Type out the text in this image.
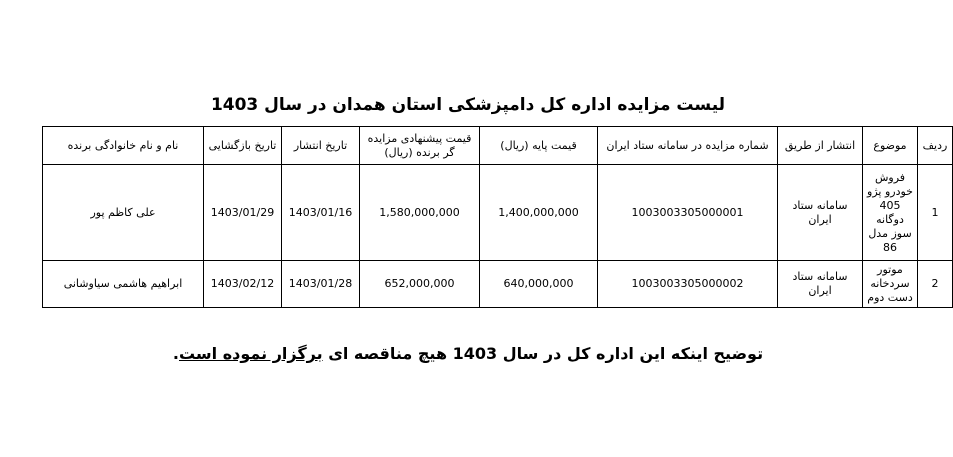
لیست مزایده اداره کل دامپزشکی استان همدان در سال 1403
ردیف	موضوع	انتشار از طریق	شماره مزایده در سامانه ستاد ایران	قیمت پایه (ریال)	قیمت پیشنهادی مزایده گر برنده (ریال)	تاریخ انتشار	تاریخ بازگشایی	نام و نام خانوادگی برنده
1	فروش خودرو پژو 405 دوگانه سوز مدل 86	سامانه ستاد ایران	1003003305000001	1,400,000,000	1,580,000,000	1403/01/16	1403/01/29	علی کاظم پور
2	موتور سردخانه دست دوم	سامانه ستاد ایران	1003003305000002	640,000,000	652,000,000	1403/01/28	1403/02/12	ابراهیم هاشمی سیاوشانی
توضیح اینکه این اداره کل در سال 1403 هیچ مناقصه ای برگزار نموده است.
